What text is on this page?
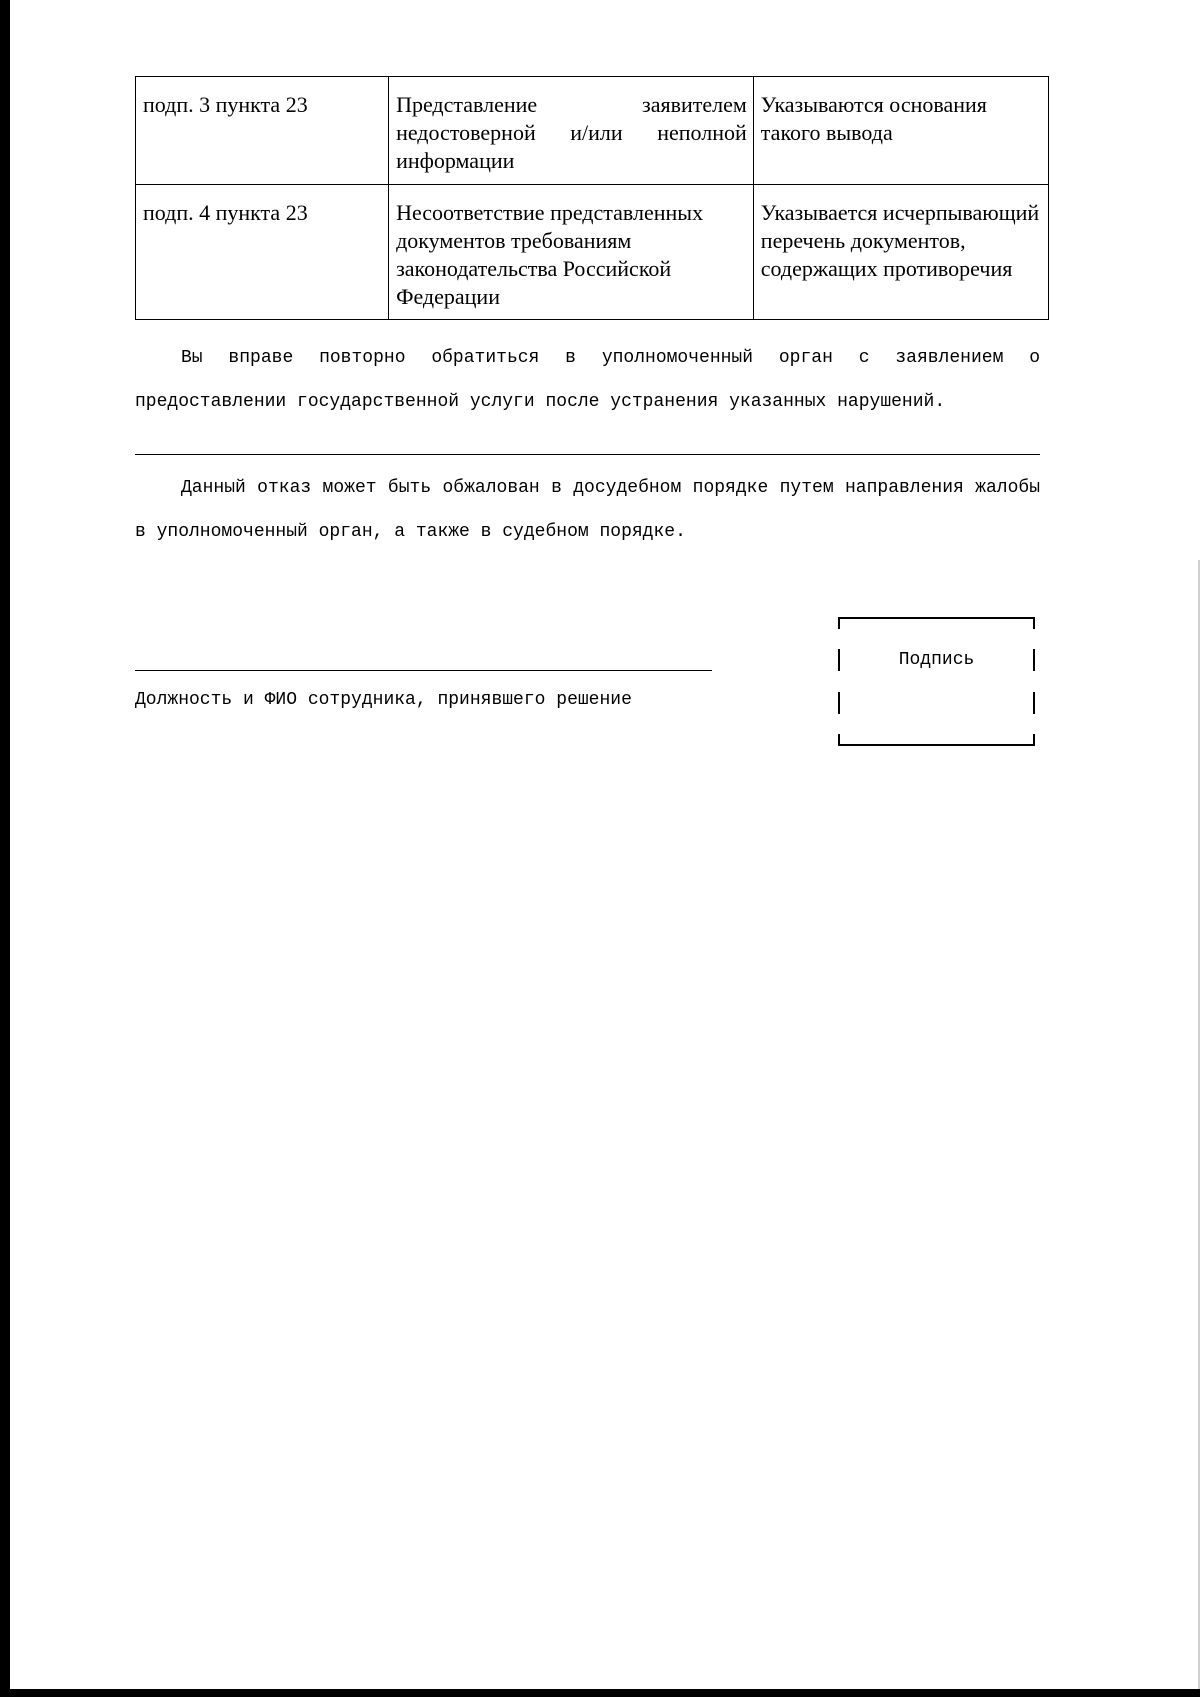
подп. 3 пункта 23	Представление заявителем недостоверной и/или неполной информации	Указываются основания такого вывода
подп. 4 пункта 23	Несоответствие представленных документов требованиям законодательства Российской Федерации	Указывается исчерпывающий перечень документов, содержащих противоречия

Вы вправе повторно обратиться в уполномоченный орган с заявлением о предоставлении государственной услуги после устранения указанных нарушений.

Данный отказ может быть обжалован в досудебном порядке путем направления жалобы в уполномоченный орган, а также в судебном порядке.

Должность и ФИО сотрудника, принявшего решение
Подпись
